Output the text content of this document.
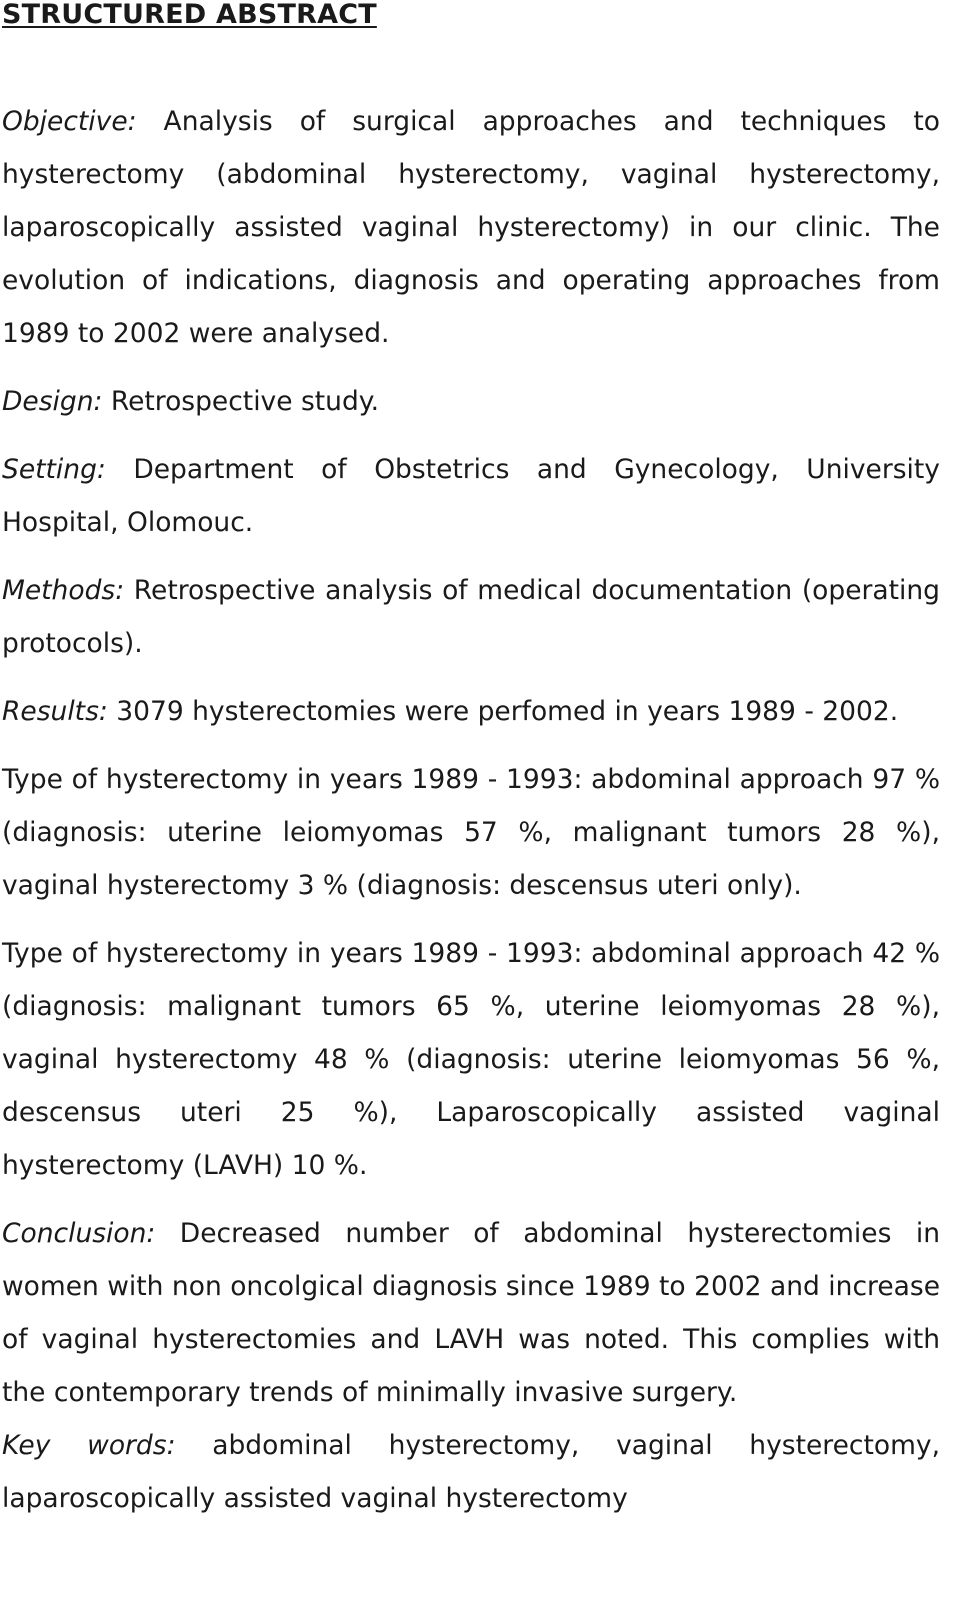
STRUCTURED ABSTRACT

Objective: Analysis of surgical approaches and techniques to hysterectomy (abdominal hysterectomy, vaginal hysterectomy, laparoscopically assisted vaginal hysterectomy) in our clinic. The evolution of indications, diagnosis and operating approaches from 1989 to 2002 were analysed.

Design: Retrospective study.

Setting: Department of Obstetrics and Gynecology, University Hospital, Olomouc.

Methods: Retrospective analysis of medical documentation (operating protocols).

Results: 3079 hysterectomies were perfomed in years 1989 - 2002.

Type of hysterectomy in years 1989 - 1993: abdominal approach 97 % (diagnosis: uterine leiomyomas 57 %, malignant tumors 28 %), vaginal hysterectomy 3 % (diagnosis: descensus uteri only).

Type of hysterectomy in years 1989 - 1993: abdominal approach 42 % (diagnosis: malignant tumors 65 %, uterine leiomyomas 28 %), vaginal hysterectomy 48 % (diagnosis: uterine leiomyomas 56 %, descensus uteri 25 %), Laparoscopically assisted vaginal hysterectomy (LAVH) 10 %.

Conclusion: Decreased number of abdominal hysterectomies in women with non oncolgical diagnosis since 1989 to 2002 and increase of vaginal hysterectomies and LAVH was noted. This complies with the contemporary trends of minimally invasive surgery.

Key words: abdominal hysterectomy, vaginal hysterectomy, laparoscopically assisted vaginal hysterectomy
